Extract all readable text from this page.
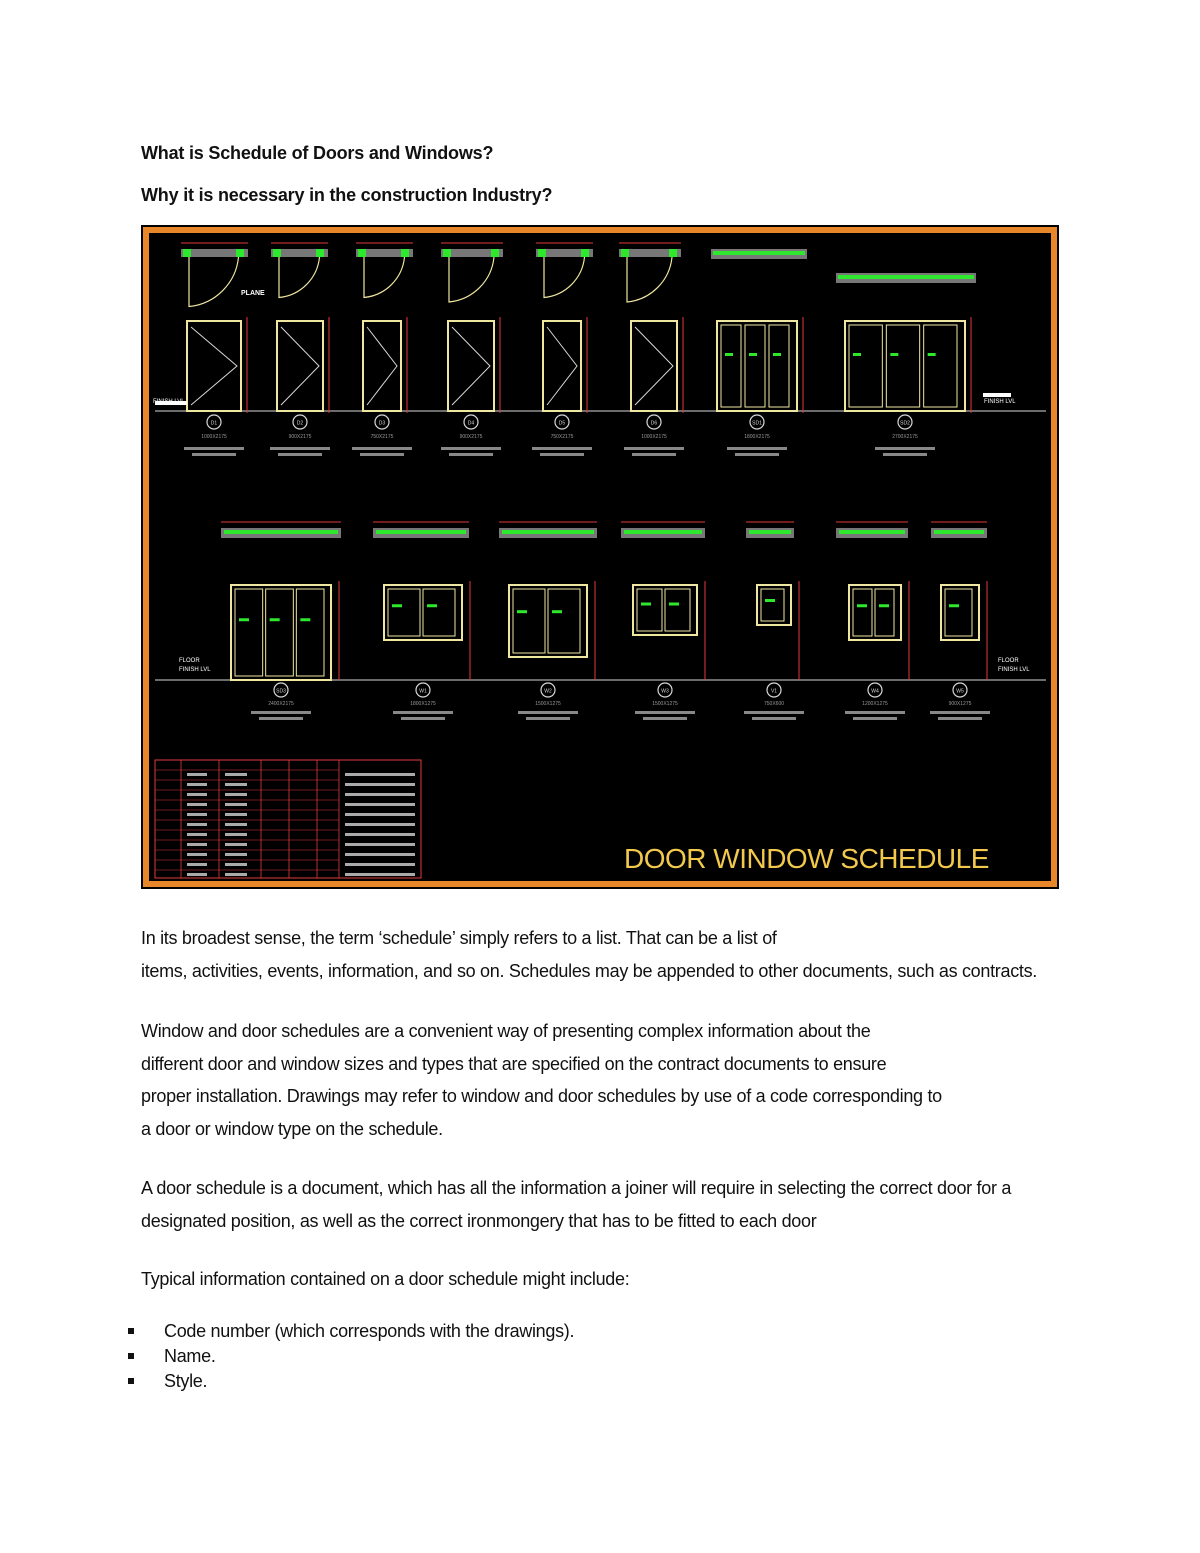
What is Schedule of Doors and Windows?
Why it is necessary in the construction Industry?
D1
1000X2175
D2
900X2175
D3
750X2175
D4
900X2175
D5
750X2175
D6
1000X2175
SD1
1800X2175
SD2
2700X2175
SD3
2400X2175
W1
1800X1275
W2
1500X1275
W3
1500X1275
V1
750X600
W4
1200X1275
W5
900X1275
PLANE
FINISH LVL	FINISH LVL
FLOOR
FINISH LVL
FLOOR
FINISH LVL
DOOR WINDOW SCHEDULE
In its broadest sense, the term ‘schedule’ simply refers to a list. That can be a list of
items, activities, events, information, and so on. Schedules may be appended to other documents, such as contracts.
Window and door schedules are a convenient way of presenting complex information about the
different door and window sizes and types that are specified on the contract documents to ensure
proper installation. Drawings may refer to window and door schedules by use of a code corresponding to
a door or window type on the schedule.
A door schedule is a document, which has all the information a joiner will require in selecting the correct door for a
designated position, as well as the correct ironmongery that has to be fitted to each door
Typical information contained on a door schedule might include:
Code number (which corresponds with the drawings).
Name.
Style.
